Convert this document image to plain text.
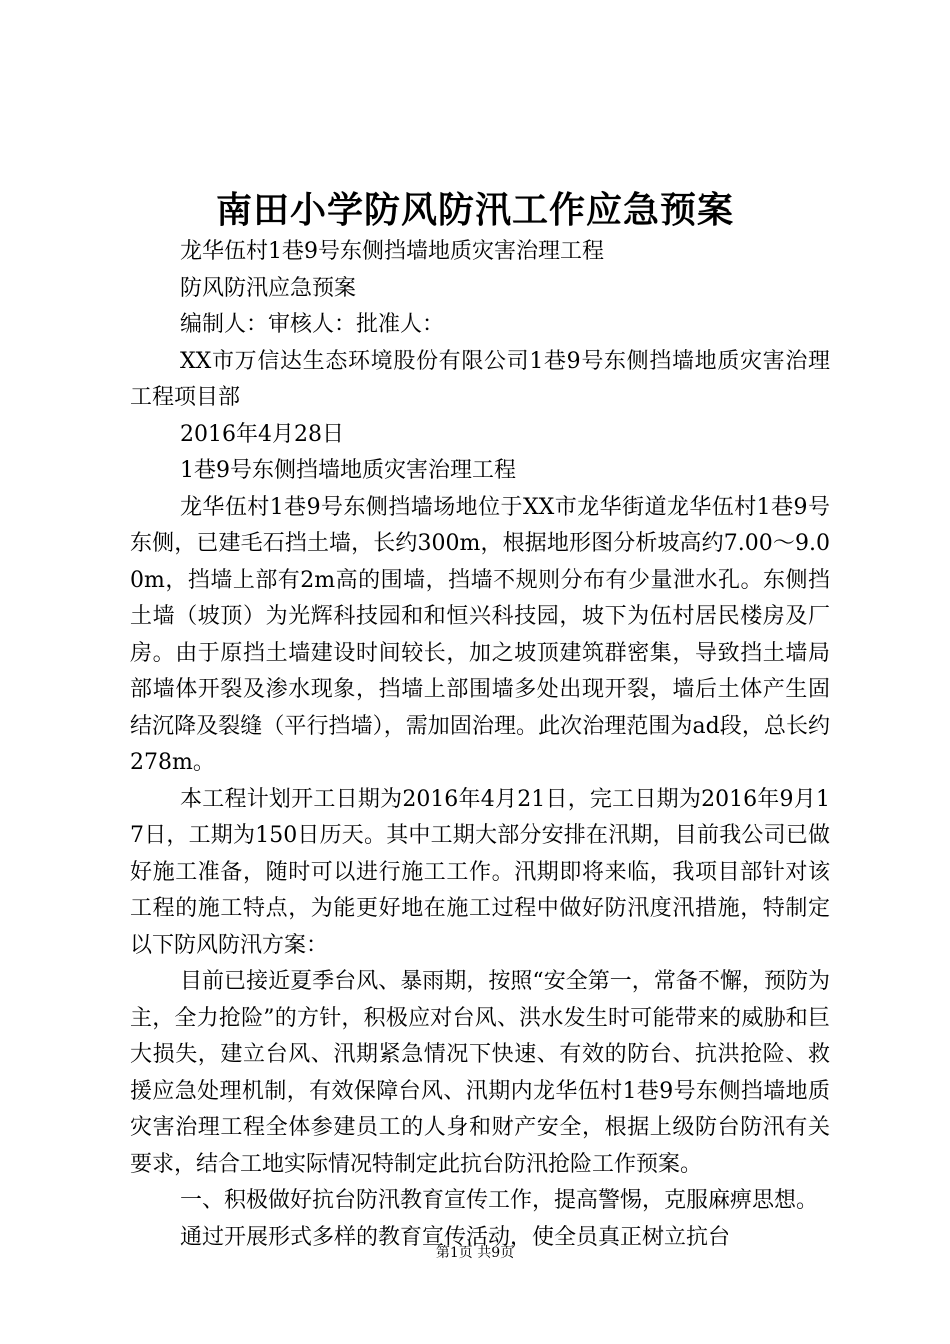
南田小学防风防汛工作应急预案

龙华伍村1巷9号东侧挡墙地质灾害治理工程

防风防汛应急预案

编制人：审核人：批准人：

XX市万信达生态环境股份有限公司1巷9号东侧挡墙地质灾害治理工程项目部

2016年4月28日

1巷9号东侧挡墙地质灾害治理工程

龙华伍村1巷9号东侧挡墙场地位于XX市龙华街道龙华伍村1巷9号东侧，已建毛石挡土墙，长约300m，根据地形图分析坡高约7.00～9.00m，挡墙上部有2m高的围墙，挡墙不规则分布有少量泄水孔。东侧挡土墙（坡顶）为光辉科技园和和恒兴科技园，坡下为伍村居民楼房及厂房。由于原挡土墙建设时间较长，加之坡顶建筑群密集，导致挡土墙局部墙体开裂及渗水现象，挡墙上部围墙多处出现开裂，墙后土体产生固结沉降及裂缝（平行挡墙），需加固治理。此次治理范围为ad段，总长约278m。

本工程计划开工日期为2016年4月21日，完工日期为2016年9月17日，工期为150日历天。其中工期大部分安排在汛期，目前我公司已做好施工准备，随时可以进行施工工作。汛期即将来临，我项目部针对该工程的施工特点，为能更好地在施工过程中做好防汛度汛措施，特制定以下防风防汛方案：

目前已接近夏季台风、暴雨期，按照“安全第一，常备不懈，预防为主，全力抢险”的方针，积极应对台风、洪水发生时可能带来的威胁和巨大损失，建立台风、汛期紧急情况下快速、有效的防台、抗洪抢险、救援应急处理机制，有效保障台风、汛期内龙华伍村1巷9号东侧挡墙地质灾害治理工程全体参建员工的人身和财产安全，根据上级防台防汛有关要求，结合工地实际情况特制定此抗台防汛抢险工作预案。

一、积极做好抗台防汛教育宣传工作，提高警惕，克服麻痹思想。

通过开展形式多样的教育宣传活动，使全员真正树立抗台

第1页 共9页
